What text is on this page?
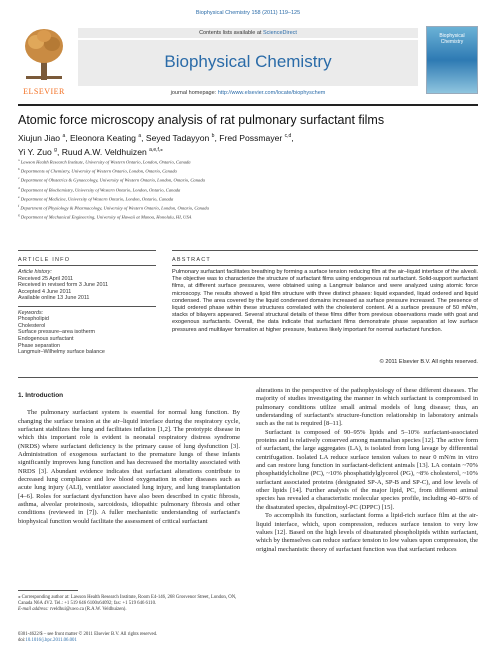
Biophysical Chemistry 158 (2011) 119–125
ELSEVIER
Contents lists available at ScienceDirect
Biophysical Chemistry
journal homepage: http://www.elsevier.com/locate/biophyschem
Biophysical Chemistry
Atomic force microscopy analysis of rat pulmonary surfactant films
Xiujun Jiao $^a$, Eleonora Keating $^a$, Seyed Tadayyon $^b$, Fred Possmayer $^{c,d}$,
Yi Y. Zuo $^g$, Ruud A.W. Veldhuizen $^{a,e,f,⁎}$
$^a$ Lawson Health Research Institute, University of Western Ontario, London, Ontario, Canada
$^b$ Departments of Chemistry, University of Western Ontario, London, Ontario, Canada
$^c$ Department of Obstetrics & Gynaecology, University of Western Ontario, London, Ontario, Canada
$^d$ Department of Biochemistry, University of Western Ontario, London, Ontario, Canada
$^e$ Department of Medicine, University of Western Ontario, London, Ontario, Canada
$^f$ Department of Physiology & Pharmacology, University of Western Ontario, London, Ontario, Canada
$^g$ Department of Mechanical Engineering, University of Hawaii at Manoa, Honolulu, HI, USA
ARTICLE INFO	ABSTRACT
Article history:
Received 25 April 2011
Received in revised form 3 June 2011
Accepted 4 June 2011
Available online 13 June 2011
Keywords:
Phospholipid
Cholesterol
Surface pressure–area isotherm
Endogenous surfactant
Phase separation
Langmuir–Wilhelmy surface balance
Pulmonary surfactant facilitates breathing by forming a surface tension reducing film at the air–liquid interface of the alveoli. The objective was to characterize the structure of surfactant films using endogenous rat surfactant. Solid-support surfactant films, at different surface pressures, were obtained using a Langmuir balance and were analyzed using atomic force microscopy. The results showed a lipid film structure with three distinct phases: liquid expanded, liquid ordered and liquid condensed. The area covered by the liquid condensed domains increased as surface pressure increased. The presence of liquid ordered phase within these structures correlated with the cholesterol content. At a surface pressure of 50 mN/m, stacks of bilayers appeared. Several structural details of these films differ from previous observations made with goat and exogenous surfactants. Overall, the data indicate that surfactant films demonstrate phase separation at low surface pressures and multilayer formation at higher pressure, features likely important for normal surfactant function.
© 2011 Elsevier B.V. All rights reserved.
1. Introduction

The pulmonary surfactant system is essential for normal lung function. By changing the surface tension at the air–liquid interface during the respiratory cycle, surfactant stabilizes the lung and facilitates inflation [1,2]. The prototypic disease in which this important role is evident is neonatal respiratory distress syndrome (NRDS) where surfactant deficiency is the primary cause of lung dysfunction [3]. Administration of exogenous surfactant to the premature lungs of these infants significantly improves lung function and has decreased the mortality associated with NRDS [3]. Abundant evidence indicates that surfactant alterations contribute to decreased lung compliance and low blood oxygenation in other diseases such as acute lung injury (ALI), ventilator associated lung injury, and lung transplantation [4–6]. Roles for surfactant dysfunction have also been described in cystic fibrosis, asthma, alveolar proteinosis, sarcoidosis, idiopathic pulmonary fibrosis and other conditions (reviewed in [7]). A fuller mechanistic understanding of surfactant's biophysical function would facilitate the assessment of critical surfactant

alterations in the perspective of the pathophysiology of these different diseases. The majority of studies investigating the manner in which surfactant is compromised in pulmonary conditions utilize small animal models of lung disease; thus, an understanding of surfactant's structure-function relationship in laboratory animals such as the rat is required [8–11].

Surfactant is composed of 90–95% lipids and 5–10% surfactant-associated proteins and is relatively conserved among mammalian species [12]. The active form of surfactant, the large aggregates (LA), is isolated from lung lavage by differential centrifugation. Isolated LA reduce surface tension values to near 0 mN/m in vitro and can restore lung function in surfactant-deficient animals [13]. LA contain ~70% phosphatidylcholine (PC), ~10% phosphatidylglycerol (PG), ~8% cholesterol, ~10% surfactant associated proteins (designated SP-A, SP-B and SP-C), and low levels of other lipids [14]. Further analysis of the major lipid, PC, from different animal species has revealed a characteristic molecular species profile, including 40–60% of the disaturated species, dipalmitoyl-PC (DPPC) [15].

To accomplish its function, surfactant forms a lipid-rich surface film at the air-liquid interface, which, upon compression, reduces surface tension to very low values [12]. Based on the high levels of disaturated phospholipids within surfactant, which by themselves can reduce surface tension to low values upon compression, the original mechanistic theory of surfactant function was that surfactant reduces

⁎ Corresponding author at: Lawson Health Research Institute, Room E4-146, 268 Grosvenor Street, London, ON, Canada N6A 4V2. Tel.: +1 519 646 6100x64092; fax: +1 519 646 6110.
E-mail address: rveldhui@uwo.ca (R.A.W. Veldhuizen).
0301-4622/$ – see front matter © 2011 Elsevier B.V. All rights reserved.
doi:10.1016/j.bpc.2011.06.001
